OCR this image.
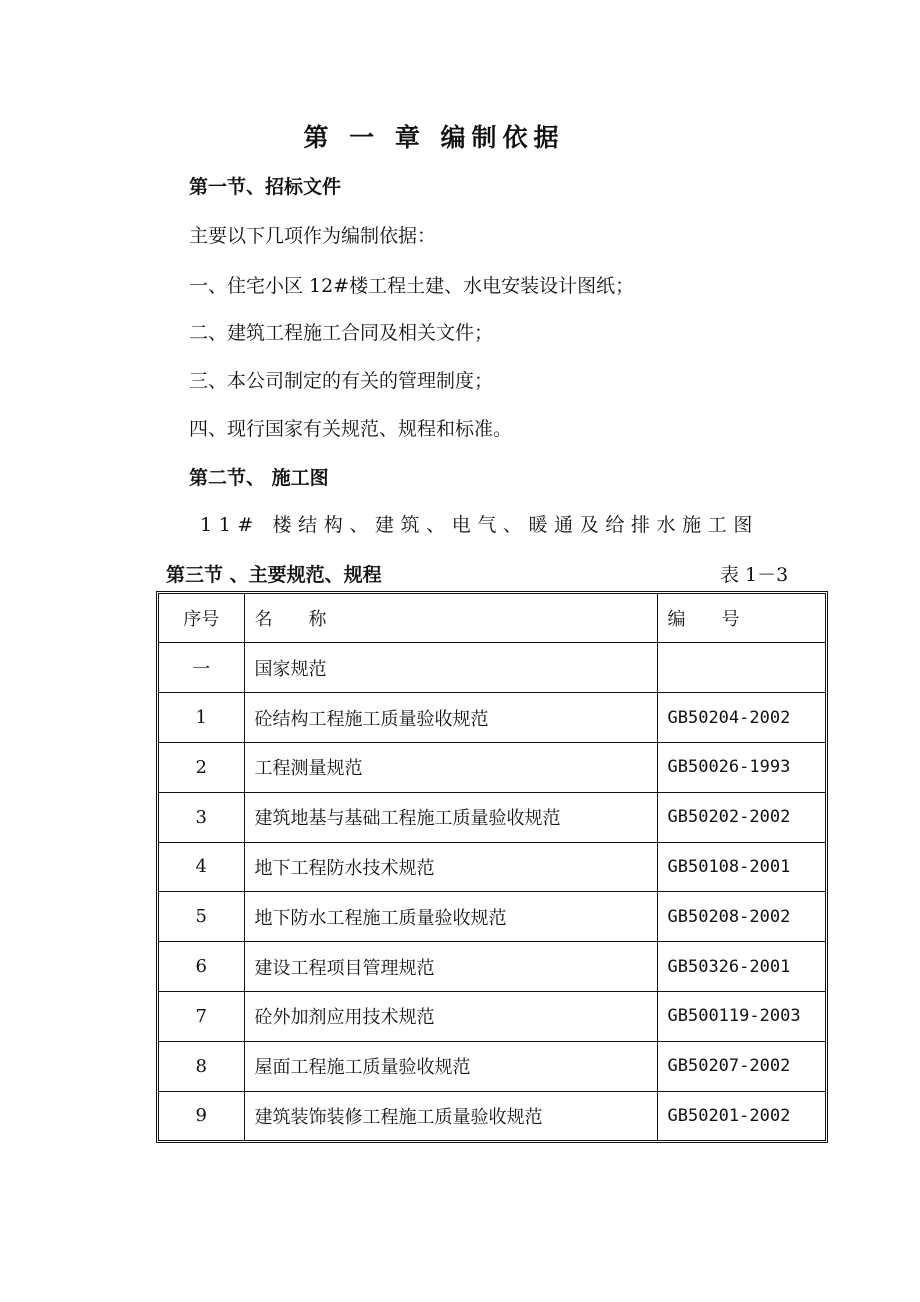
第 一 章 编制依据
第一节、招标文件
主要以下几项作为编制依据：
一、住宅小区 12#楼工程土建、水电安装设计图纸；
二、建筑工程施工合同及相关文件；
三、本公司制定的有关的管理制度；
四、现行国家有关规范、规程和标准。
第二节、 施工图
11# 楼结构、建筑、电气、暖通及给排水施工图
第三节 、主要规范、规程	表 1－3
序号	名　　称	编　　号
一	国家规范	
1	砼结构工程施工质量验收规范	GB50204-2002
2	工程测量规范	GB50026-1993
3	建筑地基与基础工程施工质量验收规范	GB50202-2002
4	地下工程防水技术规范	GB50108-2001
5	地下防水工程施工质量验收规范	GB50208-2002
6	建设工程项目管理规范	GB50326-2001
7	砼外加剂应用技术规范	GB500119-2003
8	屋面工程施工质量验收规范	GB50207-2002
9	建筑装饰装修工程施工质量验收规范	GB50201-2002
